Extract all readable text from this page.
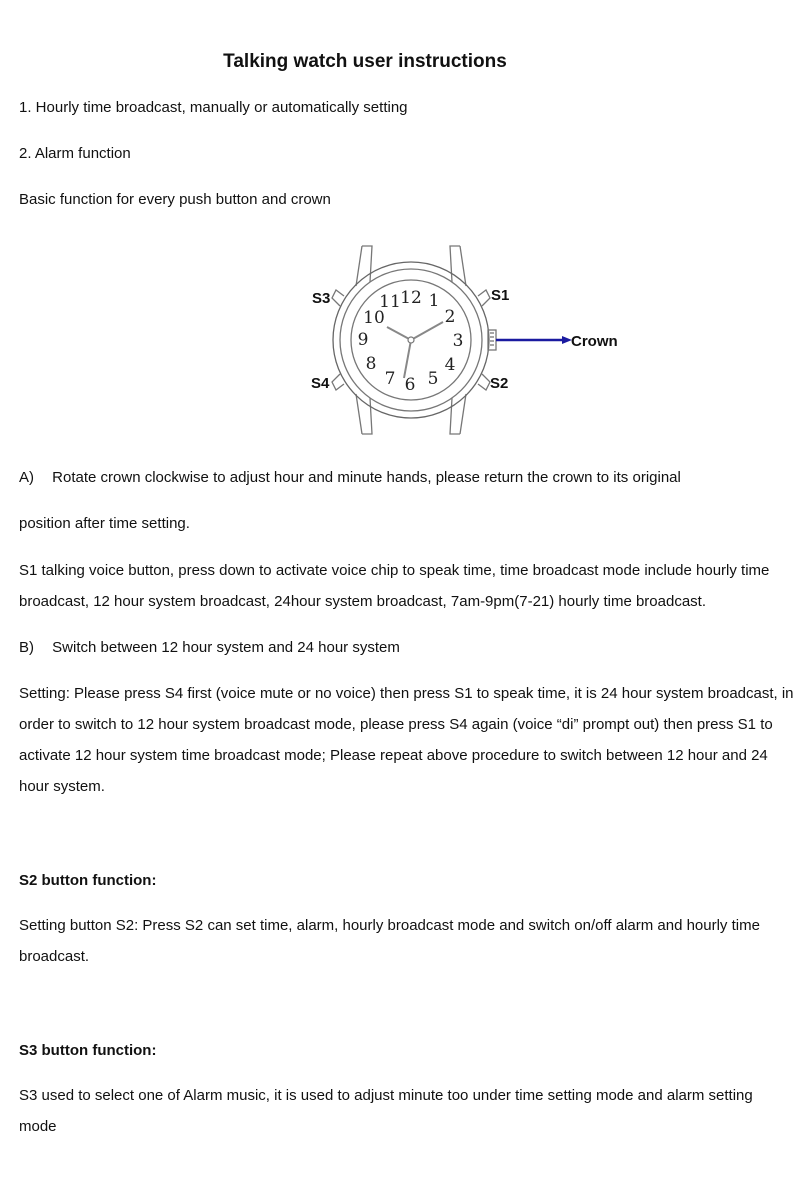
Talking watch user instructions
1. Hourly time broadcast, manually or automatically setting
2. Alarm function
Basic function for every push button and crown
12 1
2
3
4
5
6
7
8
9
10
11
S3	S1
S4	S2
Crown
A) Rotate crown clockwise to adjust hour and minute hands, please return the crown to its original
position after time setting.
S1 talking voice button, press down to activate voice chip to speak time, time broadcast mode include hourly time broadcast, 12 hour system broadcast, 24hour system broadcast, 7am-9pm(7-21) hourly time broadcast.
B) Switch between 12 hour system and 24 hour system
Setting: Please press S4 first (voice mute or no voice) then press S1 to speak time, it is 24 hour system broadcast, in order to switch to 12 hour system broadcast mode, please press S4 again (voice “di” prompt out) then press S1 to activate 12 hour system time broadcast mode; Please repeat above procedure to switch between 12 hour and 24 hour system.
S2 button function:
Setting button S2: Press S2 can set time, alarm, hourly broadcast mode and switch on/off alarm and hourly time broadcast.
S3 button function:
S3 used to select one of Alarm music, it is used to adjust minute too under time setting mode and alarm setting mode
